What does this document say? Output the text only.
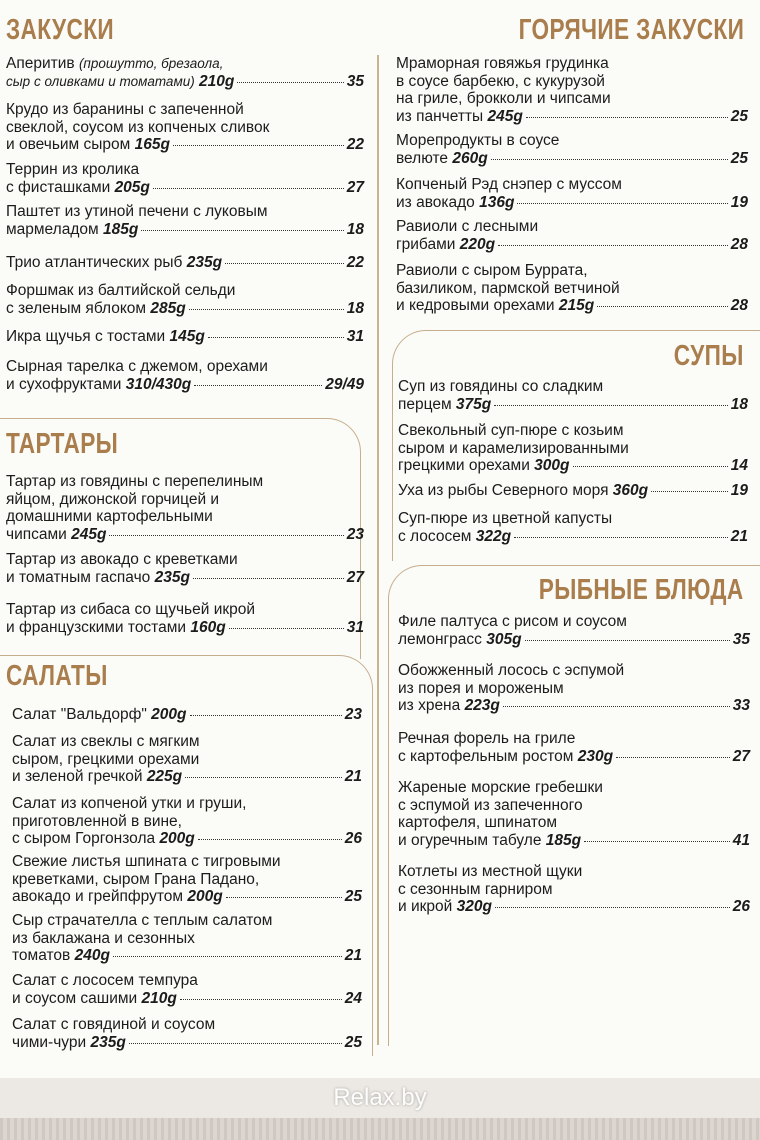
ЗАКУСКИ
ТАРТАРЫ
САЛАТЫ
ГОРЯЧИЕ ЗАКУСКИ
СУПЫ
РЫБНЫЕ БЛЮДА
Аперитив (прошутто, брезаола,
сыр с оливками и томатами) 210g	35
Крудо из баранины с запеченной
свеклой, соусом из копченых сливок
и овечьим сыром 165g	22
Террин из кролика
с фисташками 205g	27
Паштет из утиной печени с луковым
мармеладом 185g	18
Трио атлантических рыб 235g	22
Форшмак из балтийской сельди
с зеленым яблоком 285g	18
Икра щучья с тостами 145g	31
Сырная тарелка с джемом, орехами
и сухофруктами 310/430g	29/49
Тартар из говядины с перепелиным
яйцом, дижонской горчицей и
домашними картофельными
чипсами 245g	23
Тартар из авокадо с креветками
и томатным гаспачо 235g	27
Тартар из сибаса со щучьей икрой
и французскими тостами 160g	31
Салат "Вальдорф" 200g	23
Салат из свеклы с мягким
сыром, грецкими орехами
и зеленой гречкой 225g	21
Салат из копченой утки и груши,
приготовленной в вине,
с сыром Горгонзола 200g	26
Свежие листья шпината с тигровыми
креветками, сыром Грана Падано,
авокадо и грейпфрутом 200g	25
Сыр страчателла с теплым салатом
из баклажана и сезонных
томатов 240g	21
Салат с лососем темпура
и соусом сашими 210g	24
Салат с говядиной и соусом
чими-чури 235g	25
Мраморная говяжья грудинка
в соусе барбекю, с кукурузой
на гриле, брокколи и чипсами
из панчетты 245g	25
Морепродукты в соусе
велюте 260g	25
Копченый Рэд снэпер с муссом
из авокадо 136g	19
Равиоли с лесными
грибами 220g	28
Равиоли с сыром Буррата,
базиликом, пармской ветчиной
и кедровыми орехами 215g	28
Суп из говядины со сладким
перцем 375g	18
Свекольный суп-пюре с козьим
сыром и карамелизированными
грецкими орехами 300g	14
Уха из рыбы Северного моря 360g	19
Суп-пюре из цветной капусты
с лососем 322g	21
Филе палтуса с рисом и соусом
лемонграсс 305g	35
Обожженный лосось с эспумой
из порея и мороженым
из хрена 223g	33
Речная форель на гриле
с картофельным ростом 230g	27
Жареные морские гребешки
с эспумой из запеченного
картофеля, шпинатом
и огуречным табуле 185g	41
Котлеты из местной щуки
с сезонным гарниром
и икрой 320g	26
Relax.by
